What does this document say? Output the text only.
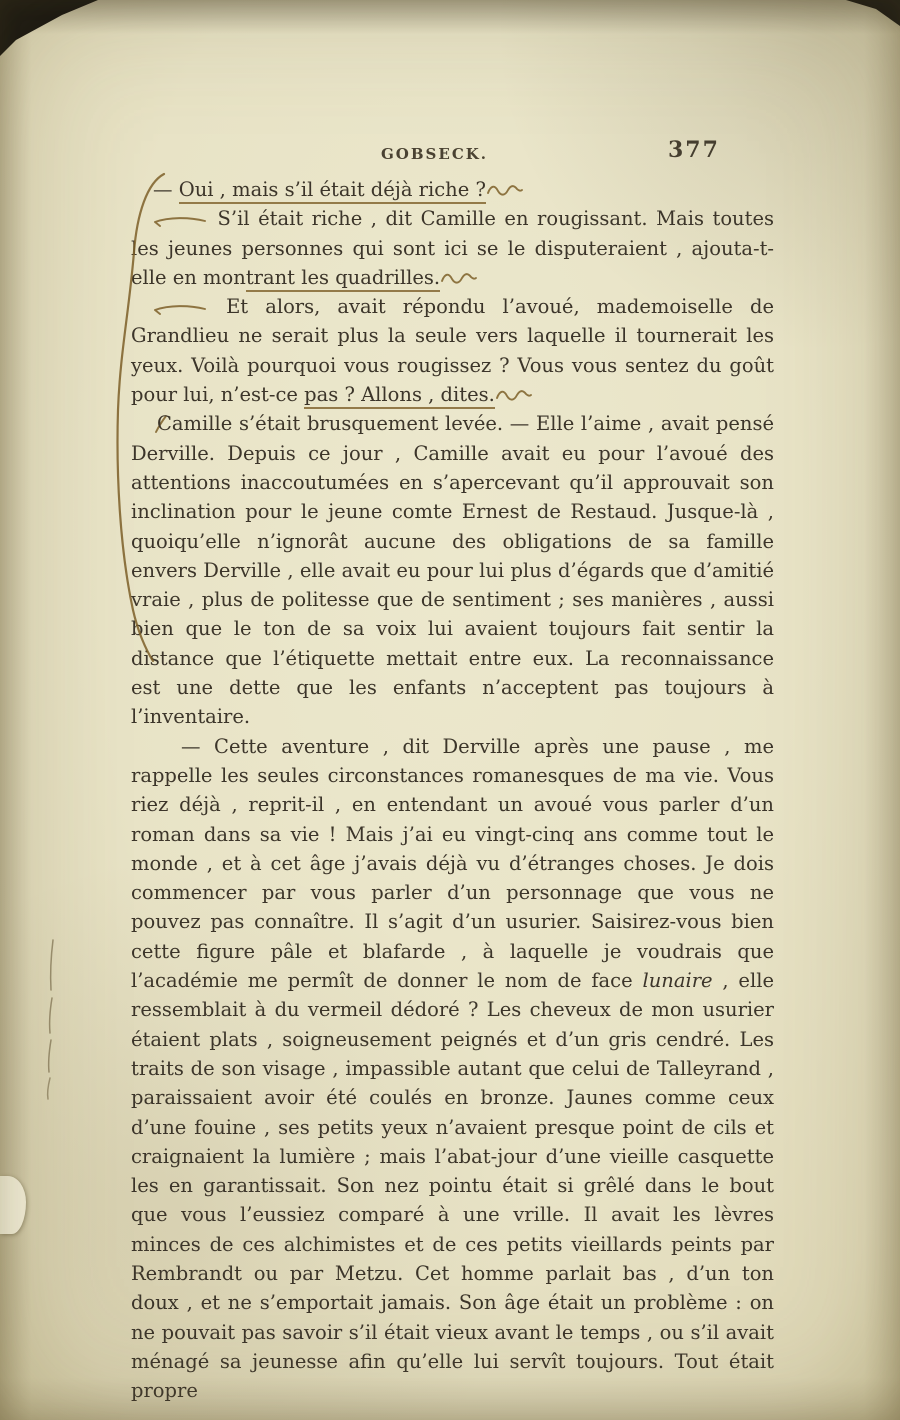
GOBSECK.	377

— Oui , mais s’il était déjà riche ?

S’il était riche , dit Camille en rougissant. Mais toutes les jeunes personnes qui sont ici se le disputeraient , ajouta-t-elle en montrant les quadrilles.

Et alors, avait répondu l’avoué, mademoiselle de Grandlieu ne serait plus la seule vers laquelle il tournerait les yeux. Voilà pourquoi vous rougissez ? Vous vous sentez du goût pour lui, n’est-ce pas ? Allons , dites.

Camille s’était brusquement levée. — Elle l’aime , avait pensé Derville. Depuis ce jour , Camille avait eu pour l’avoué des attentions inaccoutumées en s’apercevant qu’il approuvait son inclination pour le jeune comte Ernest de Restaud. Jusque-là , quoiqu’elle n’ignorât aucune des obligations de sa famille envers Derville , elle avait eu pour lui plus d’égards que d’amitié vraie , plus de politesse que de sentiment ; ses manières , aussi bien que le ton de sa voix lui avaient toujours fait sentir la distance que l’étiquette mettait entre eux. La reconnaissance est une dette que les enfants n’acceptent pas toujours à l’inventaire.

— Cette aventure , dit Derville après une pause , me rappelle les seules circonstances romanesques de ma vie. Vous riez déjà , reprit-il , en entendant un avoué vous parler d’un roman dans sa vie ! Mais j’ai eu vingt-cinq ans comme tout le monde , et à cet âge j’avais déjà vu d’étranges choses. Je dois commencer par vous parler d’un personnage que vous ne pouvez pas connaître. Il s’agit d’un usurier. Saisirez-vous bien cette figure pâle et blafarde , à laquelle je voudrais que l’académie me permît de donner le nom de face lunaire , elle ressemblait à du vermeil dédoré ? Les cheveux de mon usurier étaient plats , soigneusement peignés et d’un gris cendré. Les traits de son visage , impassible autant que celui de Talleyrand , paraissaient avoir été coulés en bronze. Jaunes comme ceux d’une fouine , ses petits yeux n’avaient presque point de cils et craignaient la lumière ; mais l’abat-jour d’une vieille casquette les en garantissait. Son nez pointu était si grêlé dans le bout que vous l’eussiez comparé à une vrille. Il avait les lèvres minces de ces alchimistes et de ces petits vieillards peints par Rembrandt ou par Metzu. Cet homme parlait bas , d’un ton doux , et ne s’emportait jamais. Son âge était un problème : on ne pouvait pas savoir s’il était vieux avant le temps , ou s’il avait ménagé sa jeunesse afin qu’elle lui servît toujours. Tout était propre
